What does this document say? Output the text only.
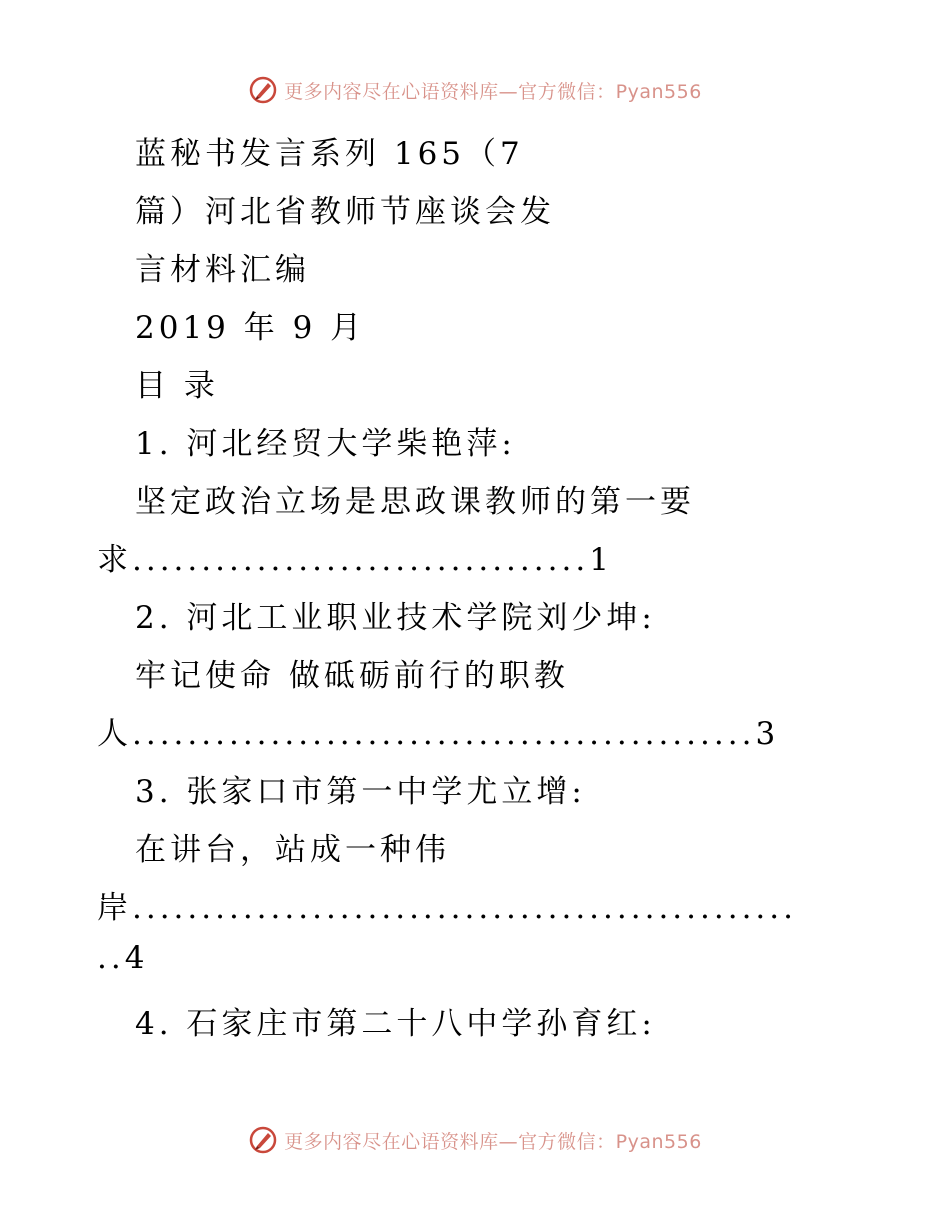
更多内容尽在心语资料库—官方微信：Pyan556
蓝秘书发言系列 165（7
篇）河北省教师节座谈会发
言材料汇编
2019 年 9 月
目 录
1. 河北经贸大学柴艳萍:
坚定政治立场是思政课教师的第一要
求.................................1
2. 河北工业职业技术学院刘少坤:
牢记使命 做砥砺前行的职教
人.............................................3
3. 张家口市第一中学尤立增:
在讲台，站成一种伟
岸................................................
..4
4. 石家庄市第二十八中学孙育红:
更多内容尽在心语资料库—官方微信：Pyan556
